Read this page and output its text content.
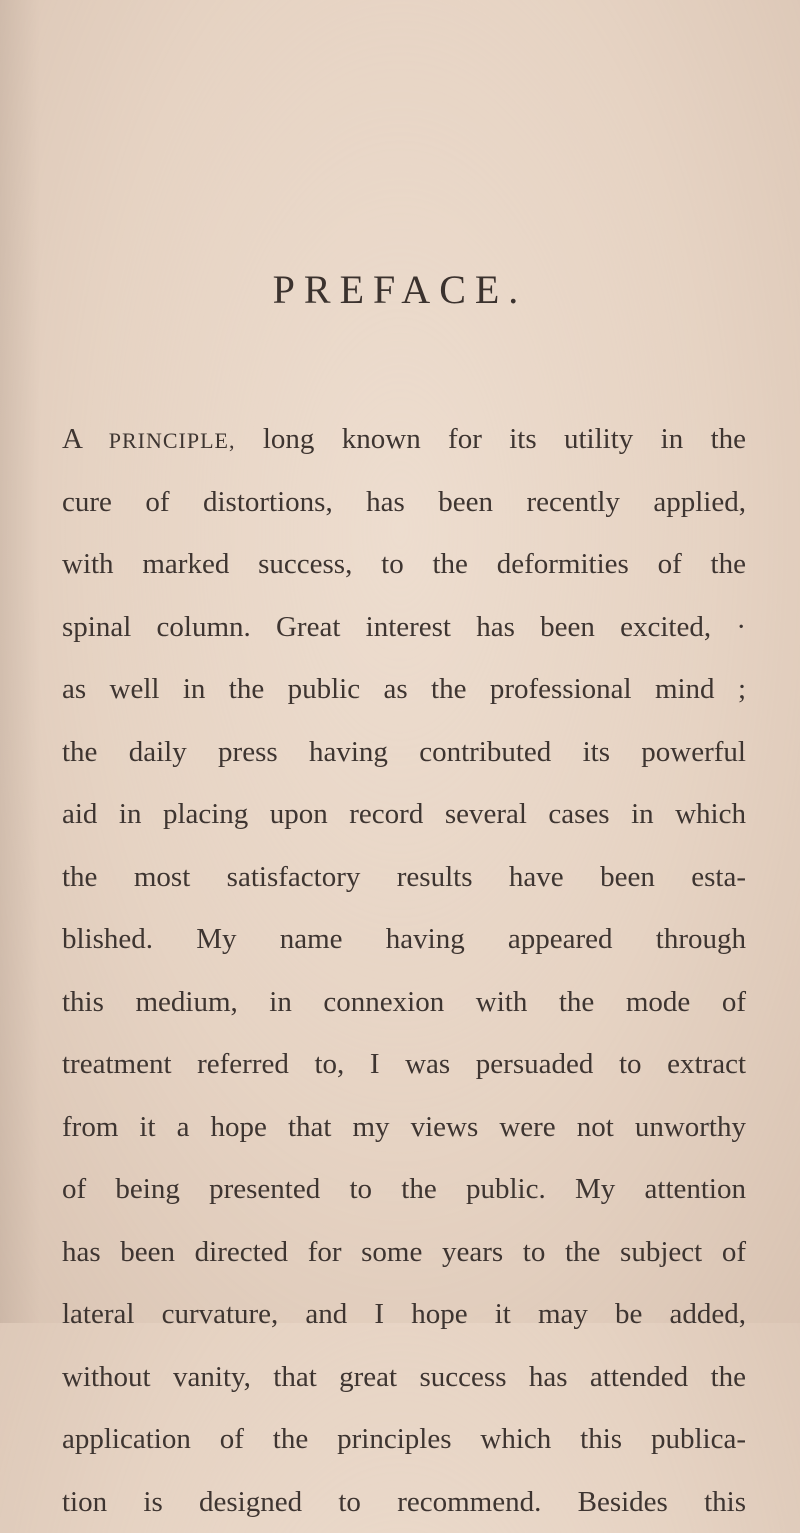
PREFACE.
A PRINCIPLE, long known for its utility in the
cure of distortions, has been recently applied,
with marked success, to the deformities of the
spinal column. Great interest has been excited, ·
as well in the public as the professional mind ;
the daily press having contributed its powerful
aid in placing upon record several cases in which
the most satisfactory results have been esta-
blished. My name having appeared through
this medium, in connexion with the mode of
treatment referred to, I was persuaded to extract
from it a hope that my views were not unworthy
of being presented to the public. My attention
has been directed for some years to the subject of
lateral curvature, and I hope it may be added,
without vanity, that great success has attended the
application of the principles which this publica-
tion is designed to recommend. Besides this
